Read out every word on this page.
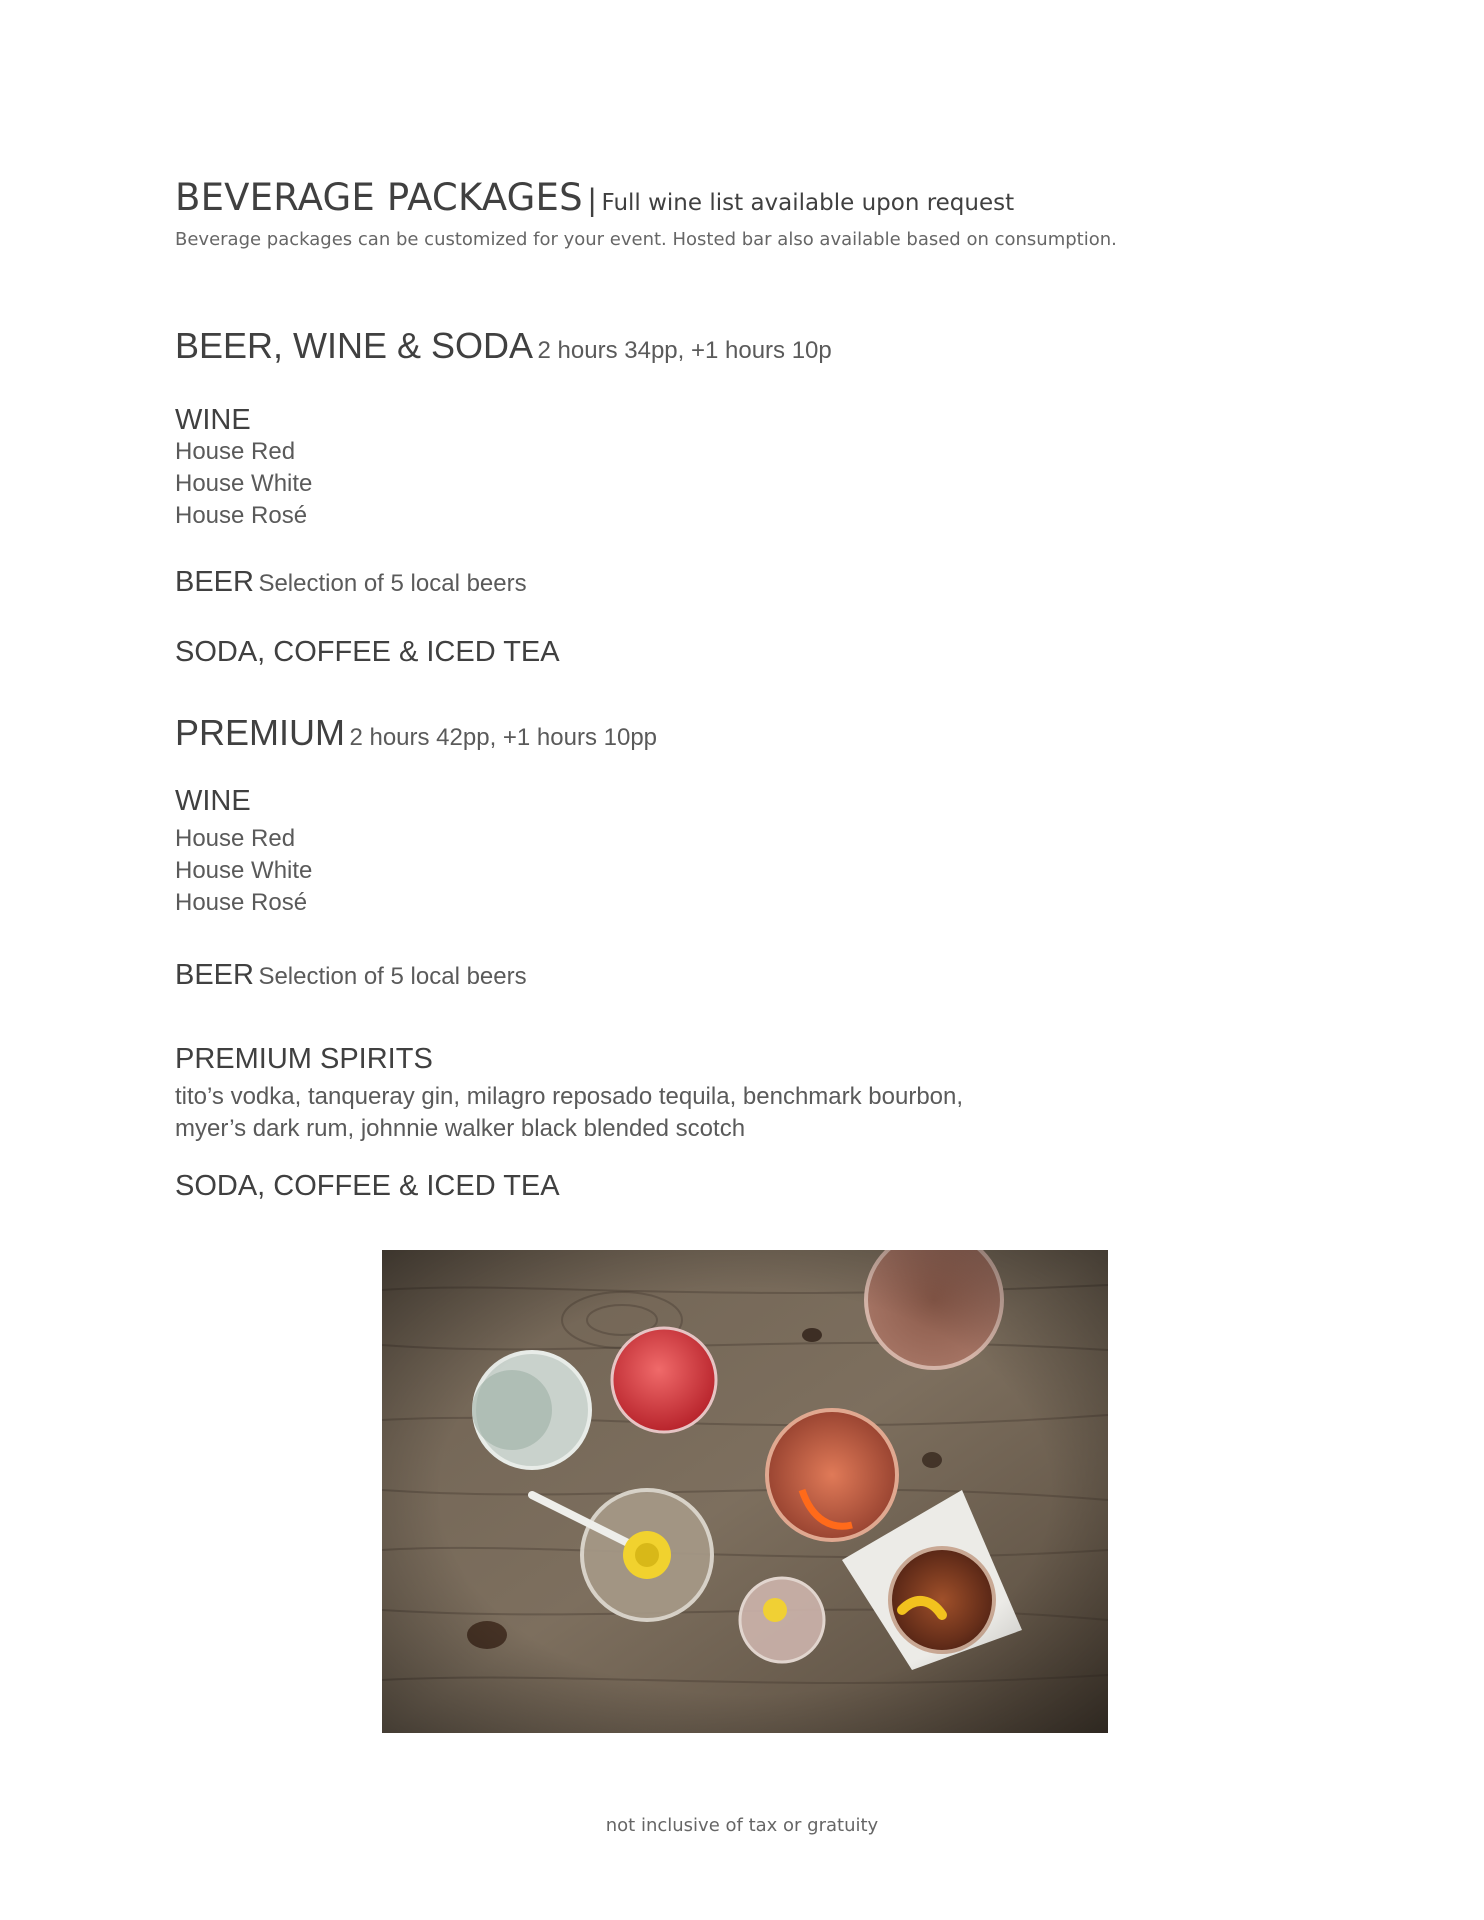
BEVERAGE PACKAGES | Full wine list available upon request
Beverage packages can be customized for your event. Hosted bar also available based on consumption.
BEER, WINE & SODA 2 hours 34pp, +1 hours 10p
WINE
House Red
House White
House Rosé
BEER Selection of 5 local beers
SODA, COFFEE & ICED TEA
PREMIUM 2 hours 42pp, +1 hours 10pp
WINE
House Red
House White
House Rosé
BEER Selection of 5 local beers
PREMIUM SPIRITS
tito’s vodka, tanqueray gin, milagro reposado tequila, benchmark bourbon,
myer’s dark rum, johnnie walker black blended scotch
SODA, COFFEE & ICED TEA
not inclusive of tax or gratuity
